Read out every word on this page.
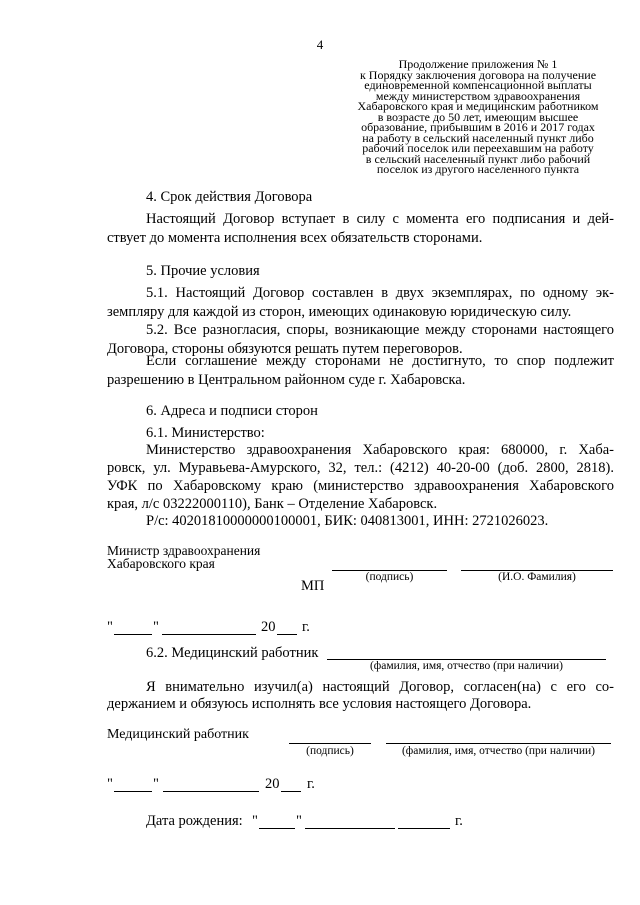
4
Продолжение приложения № 1
к Порядку заключения договора на получение
единовременной компенсационной выплаты
между министерством здравоохранения
Хабаровского края и медицинским работником
в возрасте до 50 лет, имеющим высшее
образование, прибывшим в 2016 и 2017 годах
на работу в сельский населенный пункт либо
рабочий поселок или переехавшим на работу
в сельский населенный пункт либо рабочий
поселок из другого населенного пункта
4. Срок действия Договора
Настоящий Договор вступает в силу с момента его подписания и дей-
ствует до момента исполнения всех обязательств сторонами.
5. Прочие условия
5.1. Настоящий Договор составлен в двух экземплярах, по одному эк-
земпляру для каждой из сторон, имеющих одинаковую юридическую силу.
5.2. Все разногласия, споры, возникающие между сторонами настоящего
Договора, стороны обязуются решать путем переговоров.
Если соглашение между сторонами не достигнуто, то спор подлежит
разрешению в Центральном районном суде г. Хабаровска.
6. Адреса и подписи сторон
6.1. Министерство:
Министерство здравоохранения Хабаровского края: 680000, г. Хаба-
ровск, ул. Муравьева-Амурского, 32, тел.: (4212) 40-20-00 (доб. 2800, 2818).
УФК по Хабаровскому краю (министерство здравоохранения Хабаровского
края, л/с 03222000110), Банк – Отделение Хабаровск.
Р/с: 40201810000000100001, БИК: 040813001, ИНН: 2721026023.
Министр здравоохранения
Хабаровского края
(подпись)	(И.О. Фамилия)
МП
"	"	20 г.
6.2. Медицинский работник
(фамилия, имя, отчество (при наличии)
Я внимательно изучил(а) настоящий Договор, согласен(на) с его со-
держанием и обязуюсь исполнять все условия настоящего Договора.
Медицинский работник
(подпись)	(фамилия, имя, отчество (при наличии)
"	"	20 г.
Дата рождения: "	"	г.
